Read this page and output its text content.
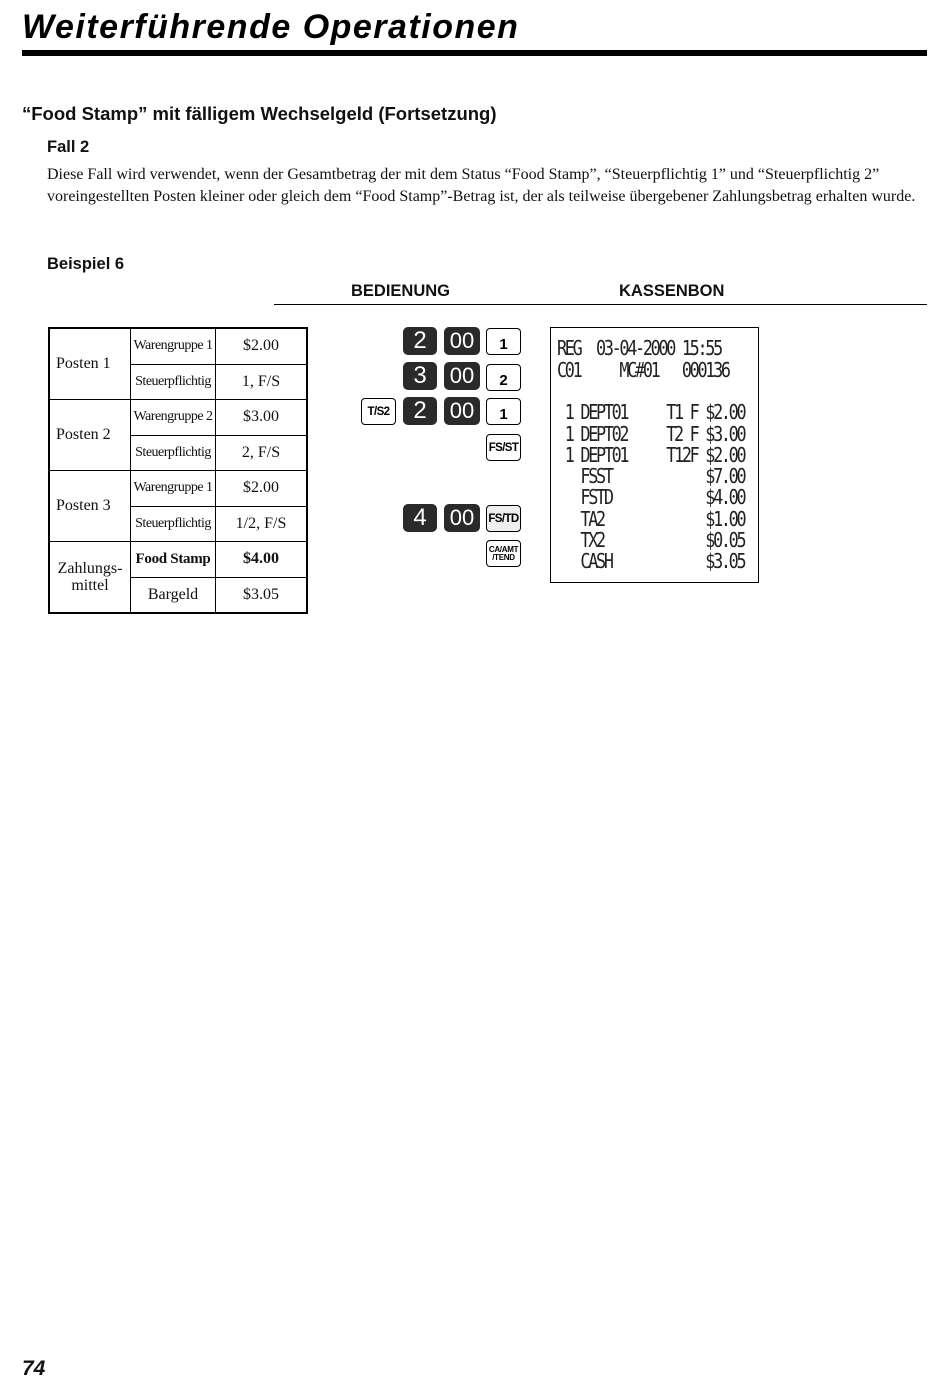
Weiterführende Operationen
“Food Stamp” mit fälligem Wechselgeld (Fortsetzung)
Fall 2

Diese Fall wird verwendet, wenn der Gesamtbetrag der mit dem Status “Food Stamp”, “Steuerpflichtig 1” und “Steuerpflichtig 2” voreingestellten Posten kleiner oder gleich dem “Food Stamp”-Betrag ist, der als teilweise übergebener Zahlungsbetrag erhalten wurde.

Beispiel 6
BEDIENUNG	KASSENBON
Posten 1	Warengruppe 1	$2.00
	Steuerpflichtig	1, F/S
Posten 2	Warengruppe 2	$3.00
	Steuerpflichtig	2, F/S
Posten 3	Warengruppe 1	$2.00
	Steuerpflichtig	1/2, F/S
Zahlungs-
mittel	Food Stamp	$4.00
	Bargeld	$3.05
2	00	1
3	00	2
T/S2 2	00	1
FS/ST
4	00	FS/TD
CA/AMT
/TEND
REG  03-04-2000 15:55
C01     MC#01   000136
1 DEPT01     T1 F $2.00
1 DEPT02     T2 F $3.00
1 DEPT01     T12F $2.00
FSST            $7.00
FSTD            $4.00
TA2             $1.00
TX2             $0.05
CASH            $3.05
74
